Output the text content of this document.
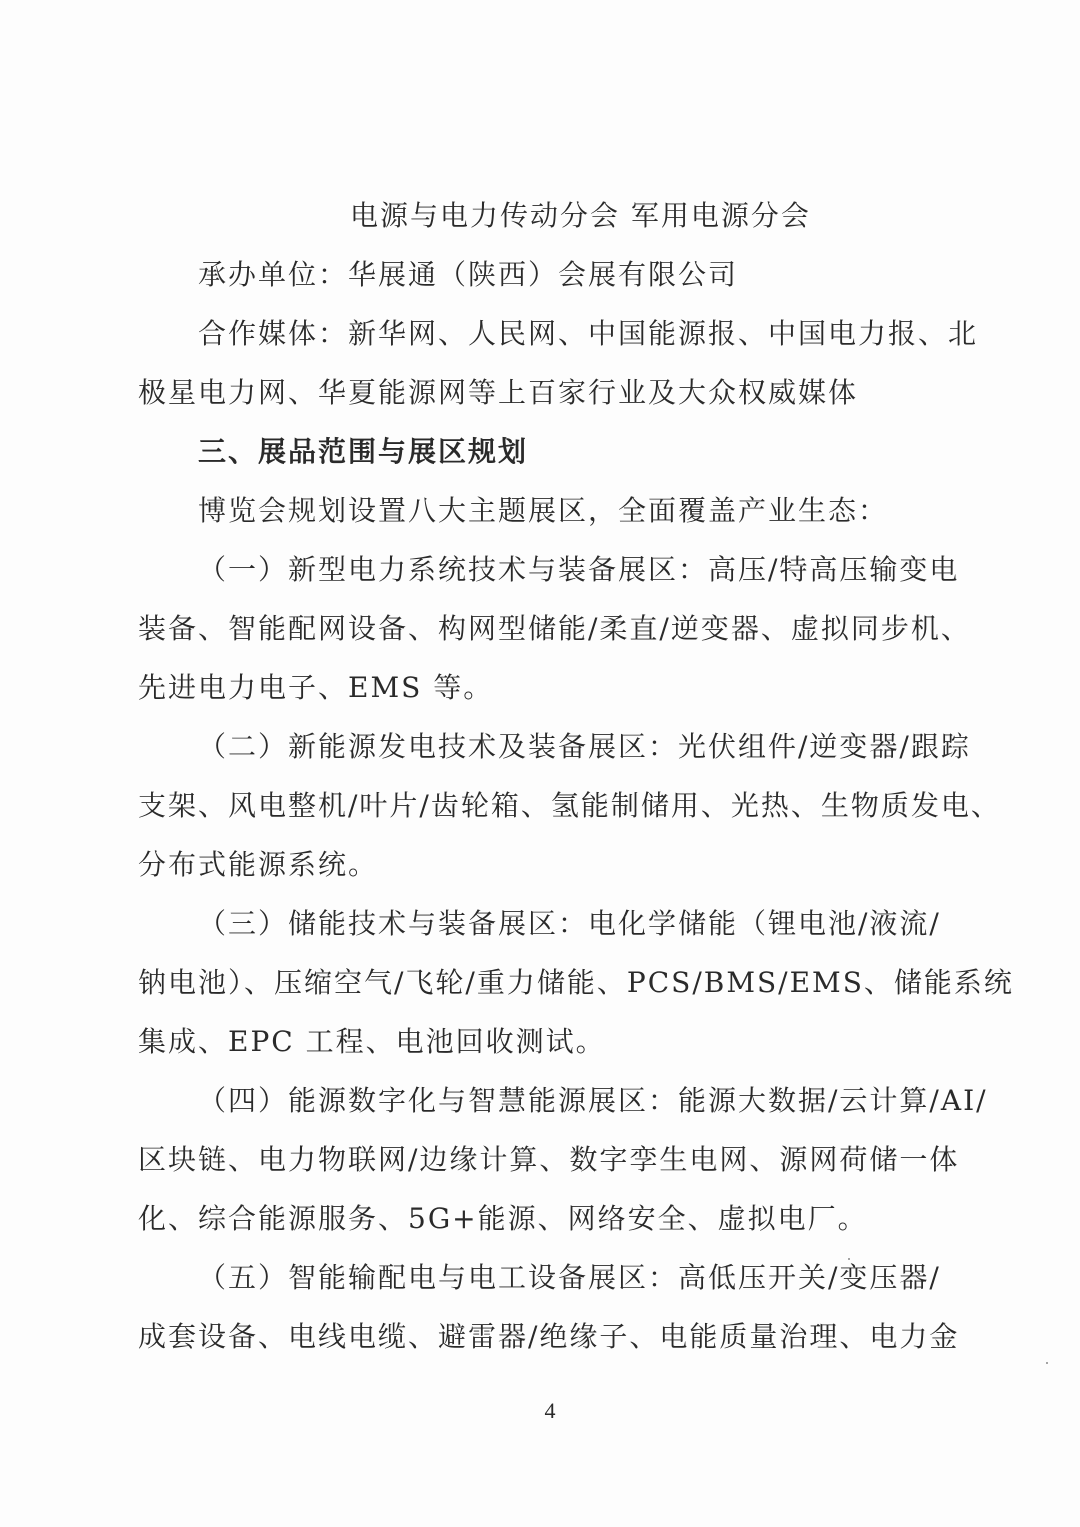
电源与电力传动分会 军用电源分会
承办单位：华展通（陕西）会展有限公司
合作媒体：新华网、人民网、中国能源报、中国电力报、北
极星电力网、华夏能源网等上百家行业及大众权威媒体
三、展品范围与展区规划
博览会规划设置八大主题展区，全面覆盖产业生态：
（一）新型电力系统技术与装备展区：高压/特高压输变电
装备、智能配网设备、构网型储能/柔直/逆变器、虚拟同步机、
先进电力电子、EMS 等。
（二）新能源发电技术及装备展区：光伏组件/逆变器/跟踪
支架、风电整机/叶片/齿轮箱、氢能制储用、光热、生物质发电、
分布式能源系统。
（三）储能技术与装备展区：电化学储能（锂电池/液流/
钠电池）、压缩空气/飞轮/重力储能、PCS/BMS/EMS、储能系统
集成、EPC 工程、电池回收测试。
（四）能源数字化与智慧能源展区：能源大数据/云计算/AI/
区块链、电力物联网/边缘计算、数字孪生电网、源网荷储一体
化、综合能源服务、5G+能源、网络安全、虚拟电厂。
（五）智能输配电与电工设备展区：高低压开关/变压器/
成套设备、电线电缆、避雷器/绝缘子、电能质量治理、电力金
4
